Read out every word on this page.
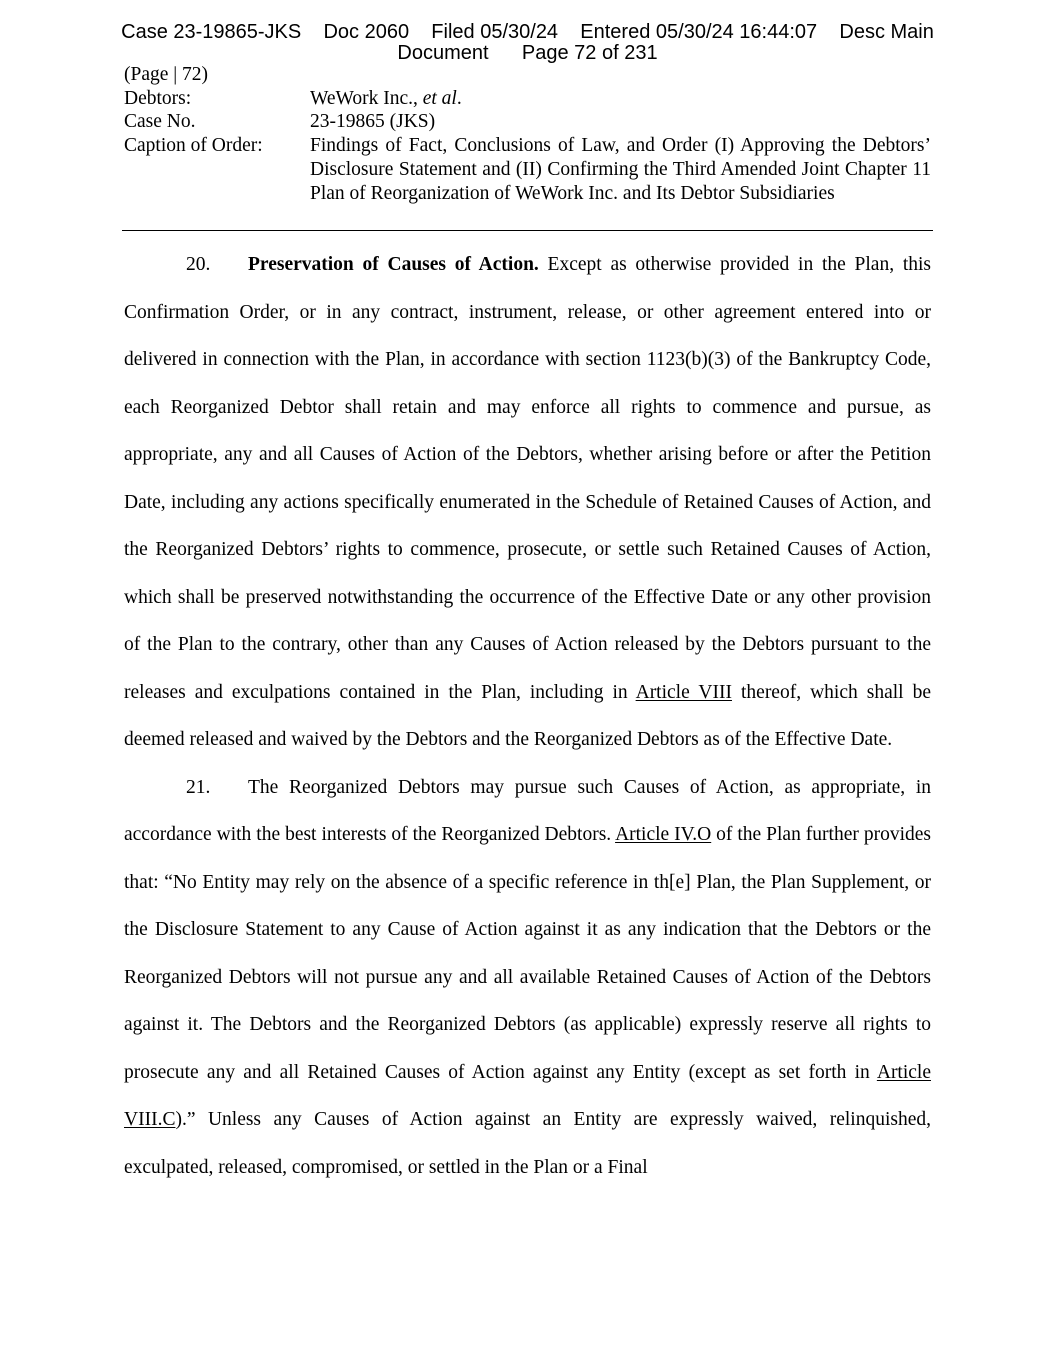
Case 23-19865-JKS    Doc 2060    Filed 05/30/24    Entered 05/30/24 16:44:07    Desc Main
Document      Page 72 of 231
(Page | 72)
Debtors:	WeWork Inc., et al.
Case No.	23-19865 (JKS)
Caption of Order:	Findings of Fact, Conclusions of Law, and Order (I) Approving the Debtors’ Disclosure Statement and (II) Confirming the Third Amended Joint Chapter 11 Plan of Reorganization of WeWork Inc. and Its Debtor Subsidiaries

20. Preservation of Causes of Action. Except as otherwise provided in the Plan, this Confirmation Order, or in any contract, instrument, release, or other agreement entered into or delivered in connection with the Plan, in accordance with section 1123(b)(3) of the Bankruptcy Code, each Reorganized Debtor shall retain and may enforce all rights to commence and pursue, as appropriate, any and all Causes of Action of the Debtors, whether arising before or after the Petition Date, including any actions specifically enumerated in the Schedule of Retained Causes of Action, and the Reorganized Debtors’ rights to commence, prosecute, or settle such Retained Causes of Action, which shall be preserved notwithstanding the occurrence of the Effective Date or any other provision of the Plan to the contrary, other than any Causes of Action released by the Debtors pursuant to the releases and exculpations contained in the Plan, including in Article VIII thereof, which shall be deemed released and waived by the Debtors and the Reorganized Debtors as of the Effective Date.

21. The Reorganized Debtors may pursue such Causes of Action, as appropriate, in accordance with the best interests of the Reorganized Debtors. Article IV.O of the Plan further provides that: “No Entity may rely on the absence of a specific reference in th[e] Plan, the Plan Supplement, or the Disclosure Statement to any Cause of Action against it as any indication that the Debtors or the Reorganized Debtors will not pursue any and all available Retained Causes of Action of the Debtors against it. The Debtors and the Reorganized Debtors (as applicable) expressly reserve all rights to prosecute any and all Retained Causes of Action against any Entity (except as set forth in Article VIII.C).” Unless any Causes of Action against an Entity are expressly waived, relinquished, exculpated, released, compromised, or settled in the Plan or a Final
